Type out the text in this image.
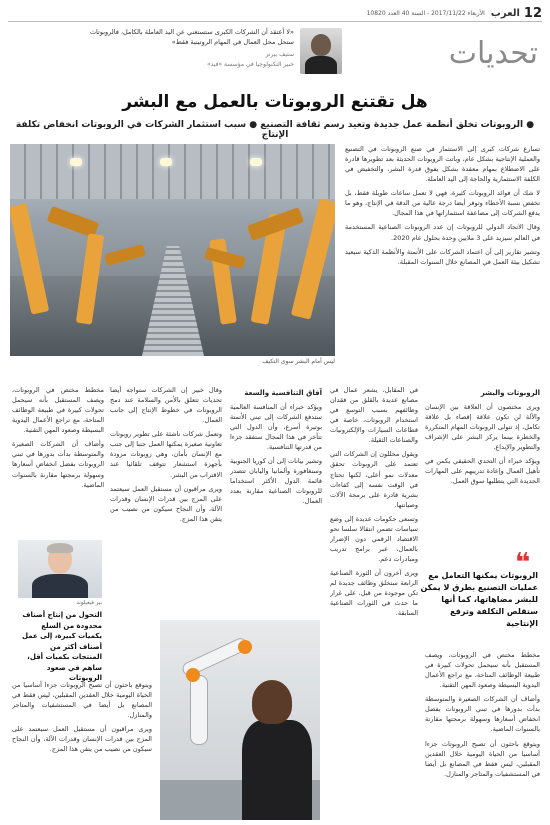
12
العرب
الأربعاء 2017/11/22 - السنة 40 العدد 10820
تحديات
«لا أعتقد أن الشركات الكبرى ستستغني عن اليد العاملة بالكامل، فالروبوتات ستحل محل العمال في المهام الروتينية فقط»
ستيف بيرنز
خبير التكنولوجيا في مؤسسة «فيد»
هل تقتنع الروبوتات بالعمل مع البشر
● الروبوتات تخلق أنظمة عمل جديدة وتعيد رسم ثقافة التصنيع ● سبب استثمار الشركات في الروبوتات انخفاض تكلفة الإنتاج
ليس أمام البشر سوى التكيف

تسارع شركات كبرى إلى الاستثمار في صنع الروبوتات في التصنيع والعملية الإنتاجية بشكل عام، وباتت الروبوتات الحديثة بعد تطويرها قادرة على الاضطلاع بمهام معقدة بشكل يفوق قدرة البشر، والتخفيض في الكلفة الاستثمارية والحاجة إلى اليد العاملة.

لا شك أن فوائد الروبوتات كثيرة، فهي لا تعمل ساعات طويلة فقط، بل تخفض نسبة الأخطاء وتوفر أيضا درجة عالية من الدقة في الإنتاج، وهو ما يدفع الشركات إلى مضاعفة استثماراتها في هذا المجال.

وقال الاتحاد الدولي للروبوتات إن عدد الروبوتات الصناعية المستخدمة في العالم سيزيد على 3 ملايين وحدة بحلول عام 2020.

وتشير تقارير إلى أن اعتماد الشركات على الأتمتة والأنظمة الذكية سيعيد تشكيل بيئة العمل في المصانع خلال السنوات المقبلة.

الروبوتات والبشر

ويرى مختصون أن العلاقة بين الإنسان والآلة لن تكون علاقة إقصاء بل علاقة تكامل، إذ تتولى الروبوتات المهام المتكررة والخطرة بينما يركز البشر على الإشراف والتطوير والإبداع.

ويؤكد خبراء أن التحدي الحقيقي يكمن في تأهيل العمال وإعادة تدريبهم على المهارات الجديدة التي يتطلبها سوق العمل.

❝
الروبوتات يمكنها التعامل مع عمليات التصنيع بطرق لا يمكن للبشر مضاهاتها، كما أنها ستقلص التكلفة وترفع الإنتاجية

مخطط مختص في الروبوتات، ويصف المستقبل بأنه سيحمل تحولات كبيرة في طبيعة الوظائف المتاحة، مع تراجع الأعمال اليدوية البسيطة وصعود المهن التقنية.

وأضاف أن الشركات الصغيرة والمتوسطة بدأت بدورها في تبني الروبوتات بفضل انخفاض أسعارها وسهولة برمجتها مقارنة بالسنوات الماضية.

ويتوقع باحثون أن تصبح الروبوتات جزءا أساسيا من الحياة اليومية خلال العقدين المقبلين، ليس فقط في المصانع بل أيضا في المستشفيات والمتاجر والمنازل.

في المقابل، يشعر عمال في مصانع عديدة بالقلق من فقدان وظائفهم بسبب التوسع في استخدام الروبوتات، خاصة في قطاعات السيارات والإلكترونيات والصناعات الثقيلة.

ويقول محللون إن الشركات التي تعتمد على الروبوتات تحقق معدلات نمو أعلى، لكنها تحتاج في الوقت نفسه إلى كفاءات بشرية قادرة على برمجة الآلات وصيانتها.

وتسعى حكومات عديدة إلى وضع سياسات تضمن انتقالا سلسا نحو الاقتصاد الرقمي دون الإضرار بالعمال، عبر برامج تدريب ومبادرات دعم.

ويرى آخرون أن الثورة الصناعية الرابعة ستخلق وظائف جديدة لم تكن موجودة من قبل، على غرار ما حدث في الثورات الصناعية السابقة.

آفاق التنافسية والسعة

ويؤكد خبراء أن المنافسة العالمية ستدفع الشركات إلى تبني الأتمتة بوتيرة أسرع، وأن الدول التي تتأخر في هذا المجال ستفقد جزءا من قدرتها التنافسية.

وتشير بيانات إلى أن كوريا الجنوبية وسنغافورة وألمانيا واليابان تتصدر قائمة الدول الأكثر استخداما للروبوتات الصناعية مقارنة بعدد العمال.

وقال خبير إن الشركات ستواجه أيضا تحديات تتعلق بالأمن والسلامة عند دمج الروبوتات في خطوط الإنتاج إلى جانب العمال.

وتعمل شركات ناشئة على تطوير روبوتات تعاونية صغيرة يمكنها العمل جنبا إلى جنب مع الإنسان بأمان، وهي روبوتات مزودة بأجهزة استشعار تتوقف تلقائيا عند الاقتراب من البشر.

ويرى مراقبون أن مستقبل العمل سيعتمد على المزج بين قدرات الإنسان وقدرات الآلة، وأن النجاح سيكون من نصيب من يتقن هذا المزج.

مخطط مختص في الروبوتات، ويصف المستقبل بأنه سيحمل تحولات كبيرة في طبيعة الوظائف المتاحة، مع تراجع الأعمال اليدوية البسيطة وصعود المهن التقنية.

وأضاف أن الشركات الصغيرة والمتوسطة بدأت بدورها في تبني الروبوتات بفضل انخفاض أسعارها وسهولة برمجتها مقارنة بالسنوات الماضية.

بير فيغيلوند
التحول من إنتاج أصناف محدودة من السلع بكميات كبيرة، إلى عمل أصناف أكثر من المنتجات بكميات أقل، ساهم في صعود الروبوتات

ويتوقع باحثون أن تصبح الروبوتات جزءا أساسيا من الحياة اليومية خلال العقدين المقبلين، ليس فقط في المصانع بل أيضا في المستشفيات والمتاجر والمنازل.

ويرى مراقبون أن مستقبل العمل سيعتمد على المزج بين قدرات الإنسان وقدرات الآلة، وأن النجاح سيكون من نصيب من يتقن هذا المزج.
